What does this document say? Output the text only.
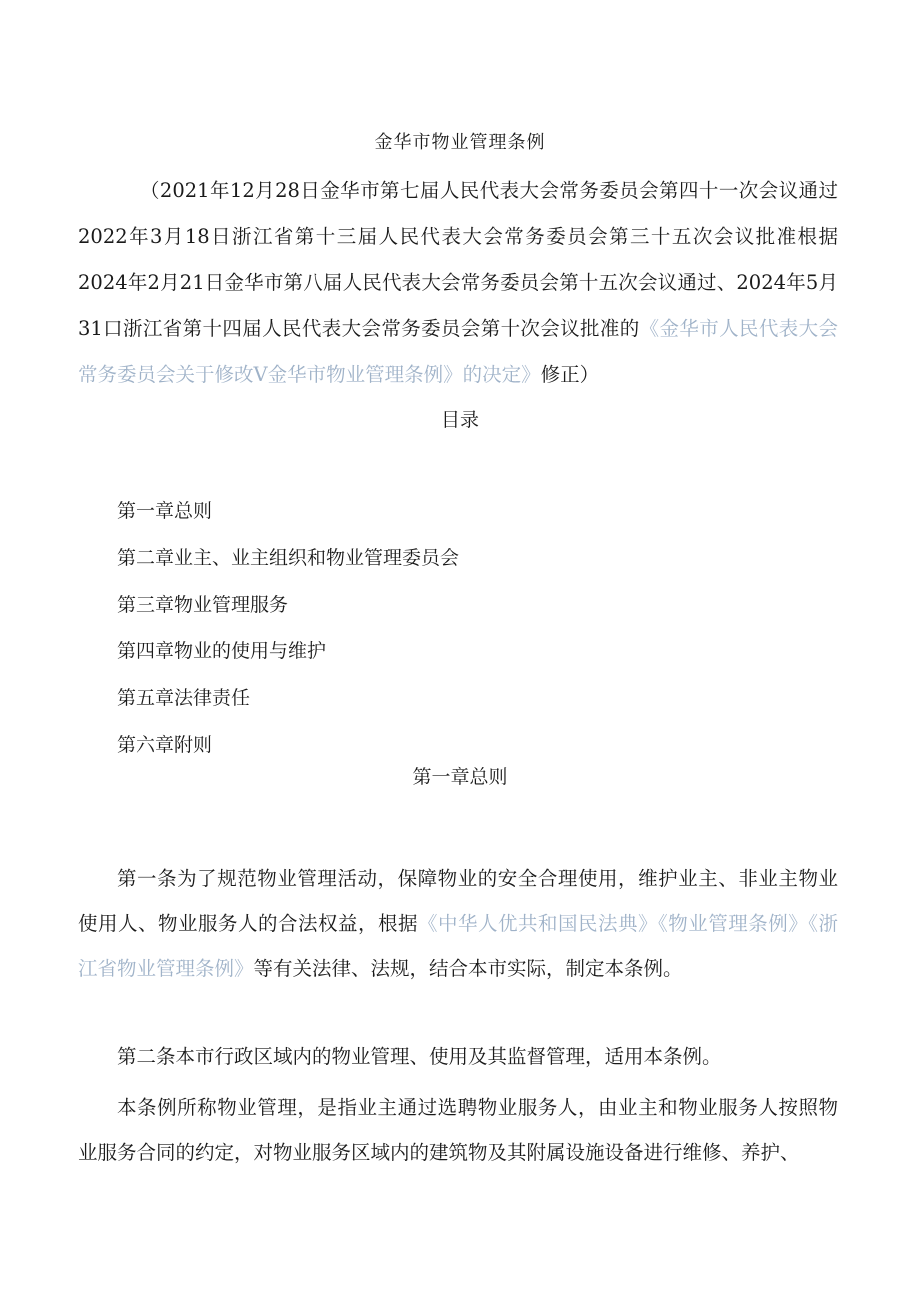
金华市物业管理条例

（2021年12月28日金华市第七届人民代表大会常务委员会第四十一次会议通过2022年3月18日浙江省第十三届人民代表大会常务委员会第三十五次会议批准根据2024年2月21日金华市第八届人民代表大会常务委员会第十五次会议通过、2024年5月31口浙江省第十四届人民代表大会常务委员会第十次会议批准的《金华市人民代表大会常务委员会关于修改V金华市物业管理条例》的决定》修正）

目录
第一章总则
第二章业主、业主组织和物业管理委员会
第三章物业管理服务
第四章物业的使用与维护
第五章法律责任
第六章附则
第一章总则

第一条为了规范物业管理活动，保障物业的安全合理使用，维护业主、非业主物业使用人、物业服务人的合法权益，根据《中华人优共和国民法典》《物业管理条例》《浙江省物业管理条例》等有关法律、法规，结合本市实际，制定本条例。

第二条本市行政区域内的物业管理、使用及其监督管理，适用本条例。

本条例所称物业管理，是指业主通过选聘物业服务人，由业主和物业服务人按照物业服务合同的约定，对物业服务区域内的建筑物及其附属设施设备进行维修、养护、
